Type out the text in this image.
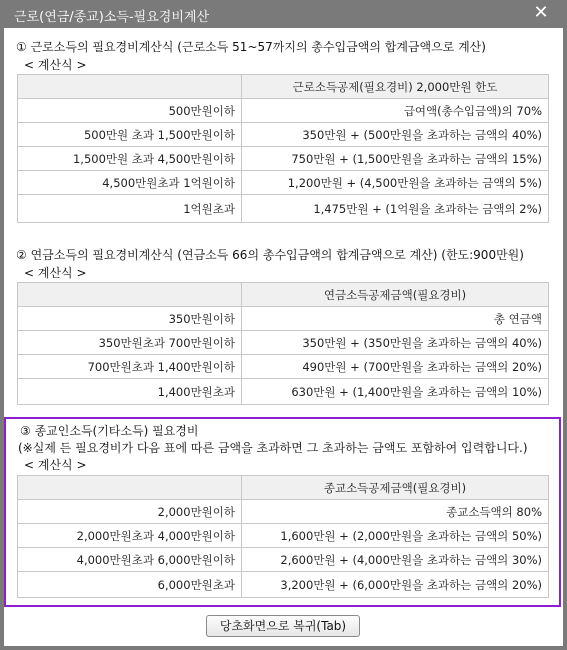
근로(연금/종교)소득-필요경비계산	✕
① 근로소득의 필요경비계산식 (근로소득 51~57까지의 총수입금액의 합계금액으로 계산)
< 계산식 >
	근로소득공제(필요경비) 2,000만원 한도
500만원이하	급여액(총수입금액)의 70%
500만원 초과 1,500만원이하	350만원 + (500만원을 초과하는 금액의 40%)
1,500만원 초과 4,500만원이하	750만원 + (1,500만원을 초과하는 금액의 15%)
4,500만원초과 1억원이하	1,200만원 + (4,500만원을 초과하는 금액의 5%)
1억원초과	1,475만원 + (1억원을 초과하는 금액의 2%)
② 연금소득의 필요경비계산식 (연금소득 66의 총수입금액의 합계금액으로 계산) (한도:900만원)
< 계산식 >
	연금소득공제금액(필요경비)
350만원이하	총 연금액
350만원초과 700만원이하	350만원 + (350만원을 초과하는 금액의 40%)
700만원초과 1,400만원이하	490만원 + (700만원을 초과하는 금액의 20%)
1,400만원초과	630만원 + (1,400만원을 초과하는 금액의 10%)
③ 종교인소득(기타소득) 필요경비
(※실제 든 필요경비가 다음 표에 따른 금액을 초과하면 그 초과하는 금액도 포함하여 입력합니다.)
< 계산식 >
	종교소득공제금액(필요경비)
2,000만원이하	종교소득액의 80%
2,000만원초과 4,000만원이하	1,600만원 + (2,000만원을 초과하는 금액의 50%)
4,000만원초과 6,000만원이하	2,600만원 + (4,000만원을 초과하는 금액의 30%)
6,000만원초과	3,200만원 + (6,000만원을 초과하는 금액의 20%)
당초화면으로 복귀(Tab)
